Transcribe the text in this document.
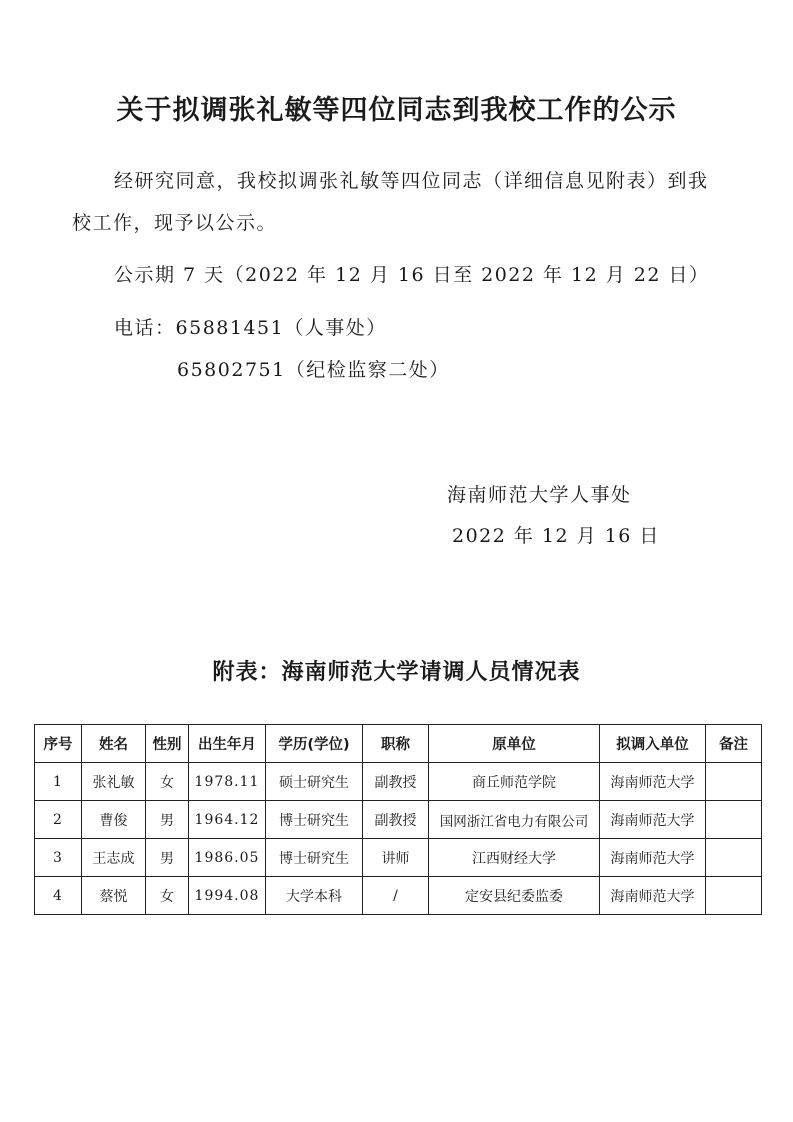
关于拟调张礼敏等四位同志到我校工作的公示

经研究同意，我校拟调张礼敏等四位同志（详细信息见附表）到我
校工作，现予以公示。

公示期 7 天（2022 年 12 月 16 日至 2022 年 12 月 22 日）

电话：65881451（人事处）

65802751（纪检监察二处）

海南师范大学人事处

2022 年 12 月 16 日

附表：海南师范大学请调人员情况表
序号	姓名	性别	出生年月	学历(学位)	职称	原单位	拟调入单位	备注
1	张礼敏	女	1978.11	硕士研究生	副教授	商丘师范学院	海南师范大学	
2	曹俊	男	1964.12	博士研究生	副教授	国网浙江省电力有限公司	海南师范大学	
3	王志成	男	1986.05	博士研究生	讲师	江西财经大学	海南师范大学	
4	蔡悦	女	1994.08	大学本科	/	定安县纪委监委	海南师范大学	
